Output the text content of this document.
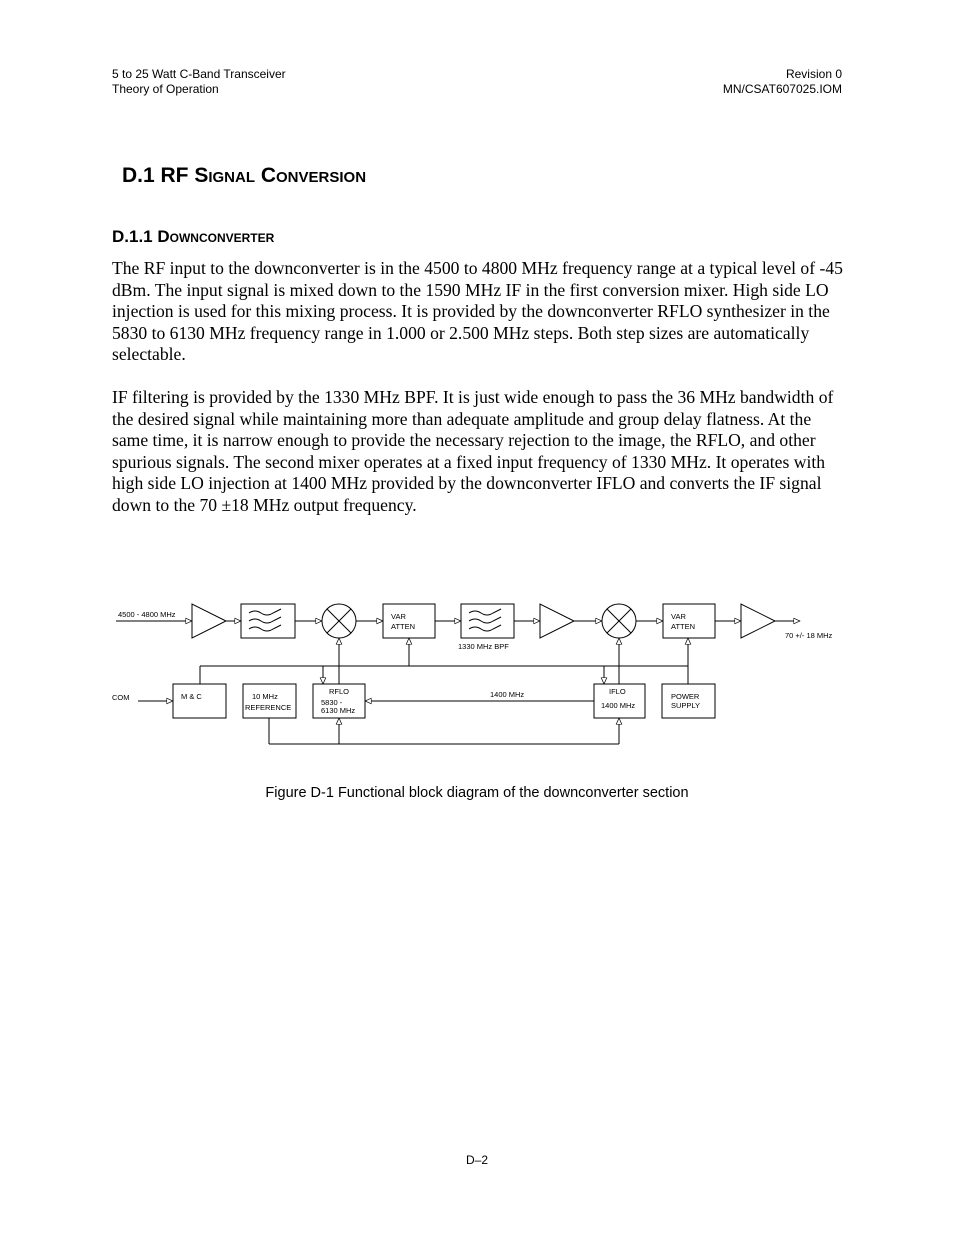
5 to 25 Watt C-Band Transceiver
Theory of Operation
Revision 0
MN/CSAT607025.IOM
D.1 RF Signal Conversion
D.1.1 Downconverter

The RF input to the downconverter is in the 4500 to 4800 MHz frequency range at a typical level of -45 dBm. The input signal is mixed down to the 1590 MHz IF in the first conversion mixer. High side LO injection is used for this mixing process. It is provided by the downconverter RFLO synthesizer in the 5830 to 6130 MHz frequency range in 1.000 or 2.500 MHz steps. Both step sizes are automatically selectable.

IF filtering is provided by the 1330 MHz BPF. It is just wide enough to pass the 36 MHz bandwidth of the desired signal while maintaining more than adequate amplitude and group delay flatness. At the same time, it is narrow enough to provide the necessary rejection to the image, the RFLO, and other spurious signals. The second mixer operates at a fixed input frequency of 1330 MHz. It operates with high side LO injection at 1400 MHz provided by the downconverter IFLO and converts the IF signal down to the 70 ±18 MHz output frequency.

4500 - 4800 MHz
70 +/- 18 MHz
VAR
ATTEN
VAR
ATTEN
1330 MHz BPF
COM	M & C	10 MHz
REFERENCE
RFLO
5830 -
6130 MHz
1400 MHz	IFLO
1400 MHz
POWER
SUPPLY
Figure D-1 Functional block diagram of the downconverter section
D–2
